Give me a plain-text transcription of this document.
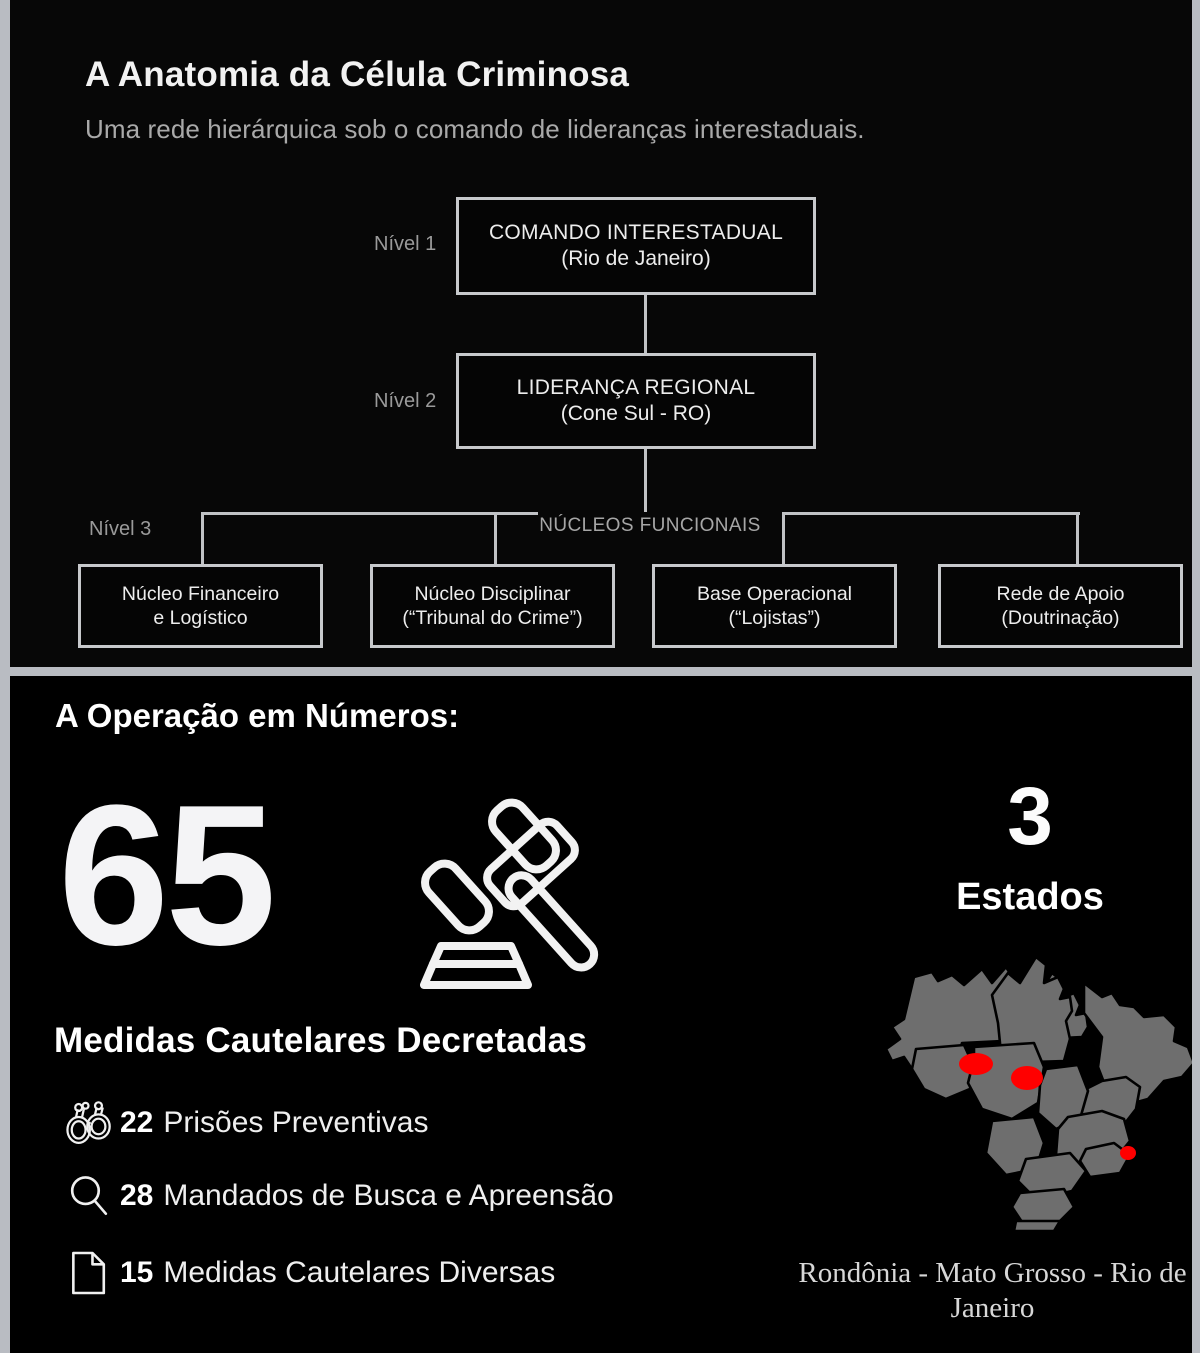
A Anatomia da Célula Criminosa
Uma rede hierárquica sob o comando de lideranças interestaduais.
Nível 1
Nível 2
Nível 3
COMANDO INTERESTADUAL
(Rio de Janeiro)
LIDERANÇA REGIONAL
(Cone Sul - RO)
NÚCLEOS FUNCIONAIS
Núcleo Financeiro
e Logístico
Núcleo Disciplinar
(“Tribunal do Crime”)
Base Operacional
(“Lojistas”)
Rede de Apoio
(Doutrinação)
A Operação em Números:
65
Medidas Cautelares Decretadas
22 Prisões Preventivas
28 Mandados de Busca e Apreensão
15 Medidas Cautelares Diversas
3
Estados
Rondônia - Mato Grosso - Rio de Janeiro
